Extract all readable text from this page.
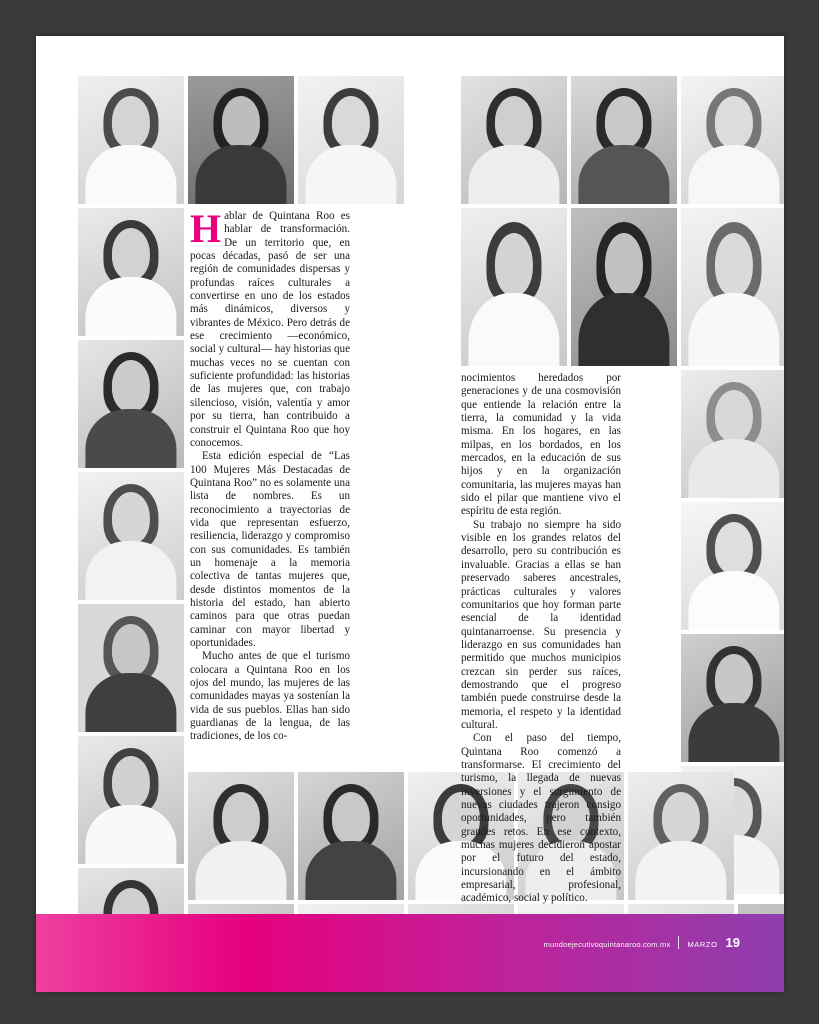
Hablar de Quintana Roo es hablar de transformación. De un territorio que, en pocas décadas, pasó de ser una región de comunidades dispersas y profundas raíces culturales a convertirse en uno de los estados más dinámicos, diversos y vibrantes de México. Pero detrás de ese crecimiento —económico, social y cultural— hay historias que muchas veces no se cuentan con suficiente profundidad: las historias de las mujeres que, con trabajo silencioso, visión, valentía y amor por su tierra, han contribuido a construir el Quintana Roo que hoy conocemos.

Esta edición especial de “Las 100 Mujeres Más Destacadas de Quintana Roo” no es solamente una lista de nombres. Es un reconocimiento a trayectorias de vida que representan esfuerzo, resiliencia, liderazgo y compromiso con sus comunidades. Es también un homenaje a la memoria colectiva de tantas mujeres que, desde distintos momentos de la historia del estado, han abierto caminos para que otras puedan caminar con mayor libertad y oportunidades.

Mucho antes de que el turismo colocara a Quintana Roo en los ojos del mundo, las mujeres de las comunidades mayas ya sostenían la vida de sus pueblos. Ellas han sido guardianas de la lengua, de las tradiciones, de los co-

nocimientos heredados por generaciones y de una cosmovisión que entiende la relación entre la tierra, la comunidad y la vida misma. En los hogares, en las milpas, en los bordados, en los mercados, en la educación de sus hijos y en la organización comunitaria, las mujeres mayas han sido el pilar que mantiene vivo el espíritu de esta región.

Su trabajo no siempre ha sido visible en los grandes relatos del desarrollo, pero su contribución es invaluable. Gracias a ellas se han preservado saberes ancestrales, prácticas culturales y valores comunitarios que hoy forman parte esencial de la identidad quintanarroense. Su presencia y liderazgo en sus comunidades han permitido que muchos municipios crezcan sin perder sus raíces, demostrando que el progreso también puede construirse desde la memoria, el respeto y la identidad cultural.

Con el paso del tiempo, Quintana Roo comenzó a transformarse. El crecimiento del turismo, la llegada de nuevas inversiones y el surgimiento de nuevas ciudades trajeron consigo oportunidades, pero también grandes retos. En ese contexto, muchas mujeres decidieron apostar por el futuro del estado, incursionando en el ámbito empresarial, profesional, académico, social y político.

mundoejecutivoquintanaroo.com.mx MARZO 19
